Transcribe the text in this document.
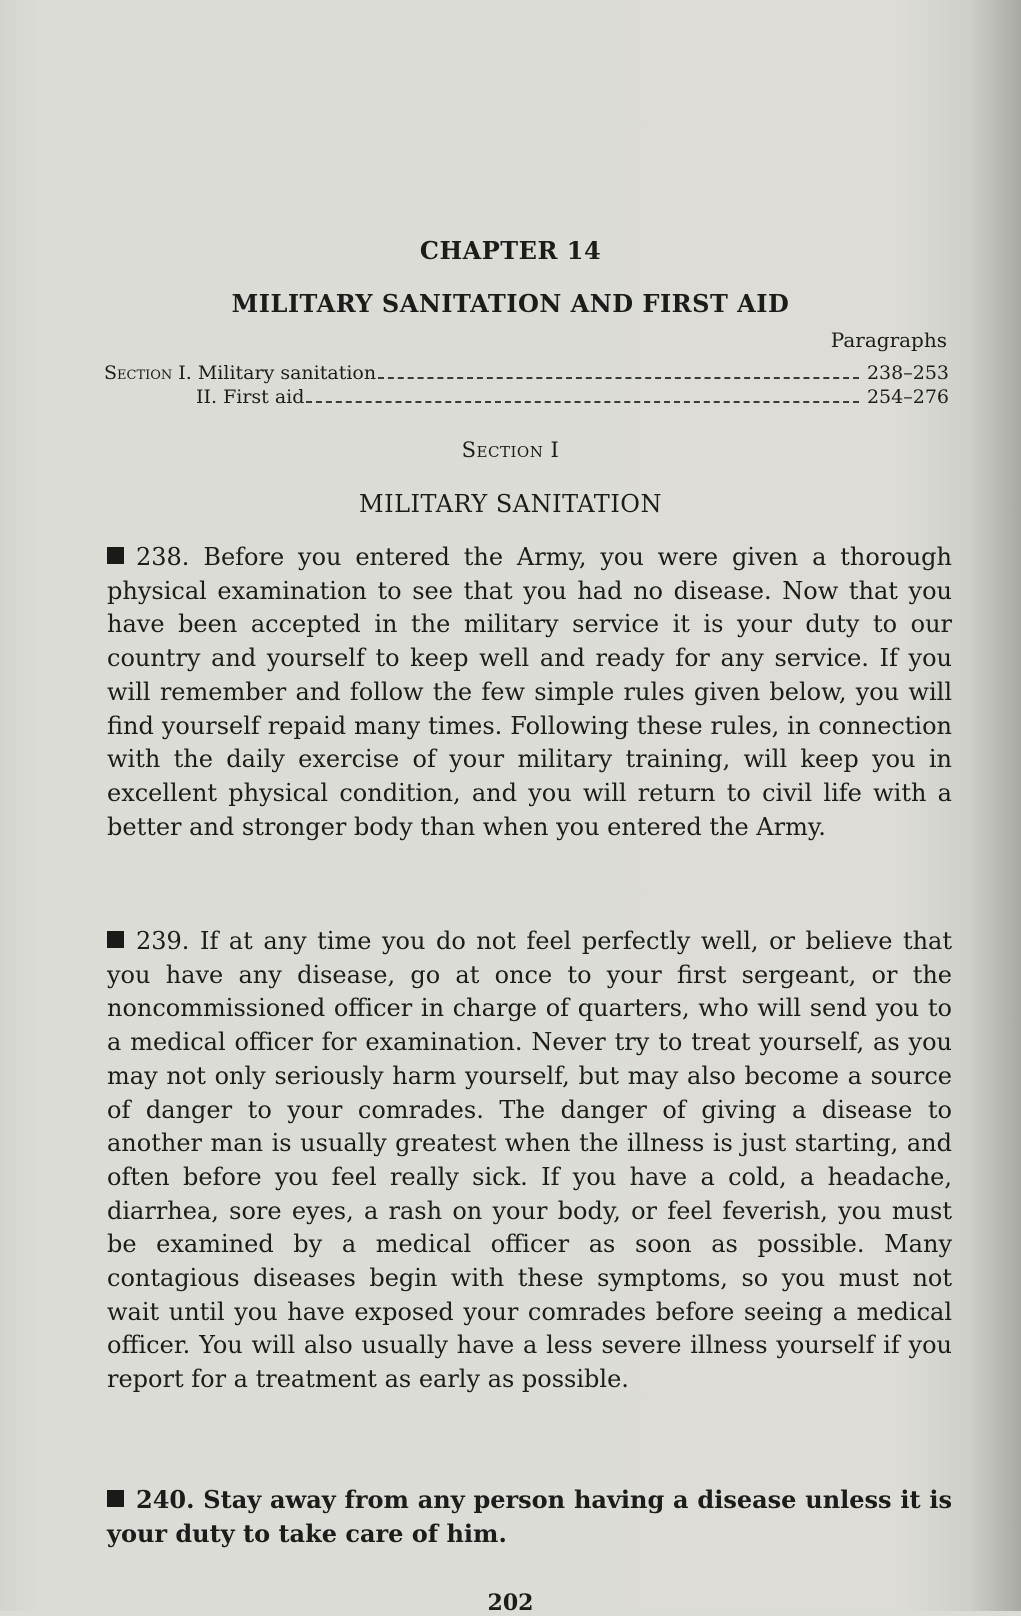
CHAPTER 14
MILITARY SANITATION AND FIRST AID
Paragraphs
Section I. Military sanitation	238–253
II. First aid	254–276
Section I
MILITARY SANITATION
238. Before you entered the Army, you were given a thorough physical examination to see that you had no disease. Now that you have been accepted in the military service it is your duty to our country and yourself to keep well and ready for any service. If you will remember and follow the few simple rules given below, you will find yourself repaid many times. Following these rules, in connection with the daily exercise of your military training, will keep you in excellent physical condition, and you will return to civil life with a better and stronger body than when you entered the Army.
239. If at any time you do not feel perfectly well, or believe that you have any disease, go at once to your first sergeant, or the noncommissioned officer in charge of quarters, who will send you to a medical officer for examination. Never try to treat yourself, as you may not only seriously harm yourself, but may also become a source of danger to your comrades. The danger of giving a disease to another man is usually greatest when the illness is just starting, and often before you feel really sick. If you have a cold, a headache, diarrhea, sore eyes, a rash on your body, or feel feverish, you must be examined by a medical officer as soon as possible. Many contagious diseases begin with these symptoms, so you must not wait until you have exposed your comrades before seeing a medical officer. You will also usually have a less severe illness yourself if you report for a treatment as early as possible.
240. Stay away from any person having a disease unless it is your duty to take care of him.
202
